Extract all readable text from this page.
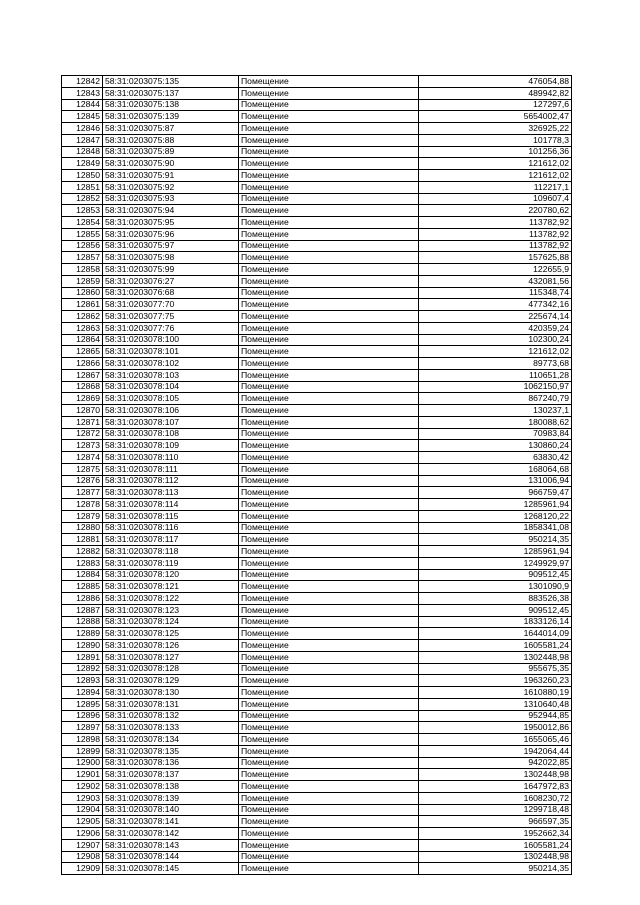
12842	58:31:0203075:135	Помещение	476054,88
12843	58:31:0203075:137	Помещение	489942,82
12844	58:31:0203075:138	Помещение	127297,6
12845	58:31:0203075:139	Помещение	5654002,47
12846	58:31:0203075:87	Помещение	326925,22
12847	58:31:0203075:88	Помещение	101778,3
12848	58:31:0203075:89	Помещение	101256,36
12849	58:31:0203075:90	Помещение	121612,02
12850	58:31:0203075:91	Помещение	121612,02
12851	58:31:0203075:92	Помещение	112217,1
12852	58:31:0203075:93	Помещение	109607,4
12853	58:31:0203075:94	Помещение	220780,62
12854	58:31:0203075:95	Помещение	113782,92
12855	58:31:0203075:96	Помещение	113782,92
12856	58:31:0203075:97	Помещение	113782,92
12857	58:31:0203075:98	Помещение	157625,88
12858	58:31:0203075:99	Помещение	122655,9
12859	58:31:0203076:27	Помещение	432081,56
12860	58:31:0203076:68	Помещение	115348,74
12861	58:31:0203077:70	Помещение	477342,16
12862	58:31:0203077:75	Помещение	225674,14
12863	58:31:0203077:76	Помещение	420359,24
12864	58:31:0203078:100	Помещение	102300,24
12865	58:31:0203078:101	Помещение	121612,02
12866	58:31:0203078:102	Помещение	89773,68
12867	58:31:0203078:103	Помещение	110651,28
12868	58:31:0203078:104	Помещение	1062150,97
12869	58:31:0203078:105	Помещение	867240,79
12870	58:31:0203078:106	Помещение	130237,1
12871	58:31:0203078:107	Помещение	180088,62
12872	58:31:0203078:108	Помещение	70983,84
12873	58:31:0203078:109	Помещение	130860,24
12874	58:31:0203078:110	Помещение	63830,42
12875	58:31:0203078:111	Помещение	168064,68
12876	58:31:0203078:112	Помещение	131006,94
12877	58:31:0203078:113	Помещение	966759,47
12878	58:31:0203078:114	Помещение	1285961,94
12879	58:31:0203078:115	Помещение	1268120,22
12880	58:31:0203078:116	Помещение	1858341,08
12881	58:31:0203078:117	Помещение	950214,35
12882	58:31:0203078:118	Помещение	1285961,94
12883	58:31:0203078:119	Помещение	1249929,97
12884	58:31:0203078:120	Помещение	909512,45
12885	58:31:0203078:121	Помещение	1301090,9
12886	58:31:0203078:122	Помещение	883526,38
12887	58:31:0203078:123	Помещение	909512,45
12888	58:31:0203078:124	Помещение	1833126,14
12889	58:31:0203078:125	Помещение	1644014,09
12890	58:31:0203078:126	Помещение	1605581,24
12891	58:31:0203078:127	Помещение	1302448,98
12892	58:31:0203078:128	Помещение	955675,35
12893	58:31:0203078:129	Помещение	1963260,23
12894	58:31:0203078:130	Помещение	1610880,19
12895	58:31:0203078:131	Помещение	1310640,48
12896	58:31:0203078:132	Помещение	952944,85
12897	58:31:0203078:133	Помещение	1950012,86
12898	58:31:0203078:134	Помещение	1655065,46
12899	58:31:0203078:135	Помещение	1942064,44
12900	58:31:0203078:136	Помещение	942022,85
12901	58:31:0203078:137	Помещение	1302448,98
12902	58:31:0203078:138	Помещение	1647972,83
12903	58:31:0203078:139	Помещение	1608230,72
12904	58:31:0203078:140	Помещение	1299718,48
12905	58:31:0203078:141	Помещение	966597,35
12906	58:31:0203078:142	Помещение	1952662,34
12907	58:31:0203078:143	Помещение	1605581,24
12908	58:31:0203078:144	Помещение	1302448,98
12909	58:31:0203078:145	Помещение	950214,35
